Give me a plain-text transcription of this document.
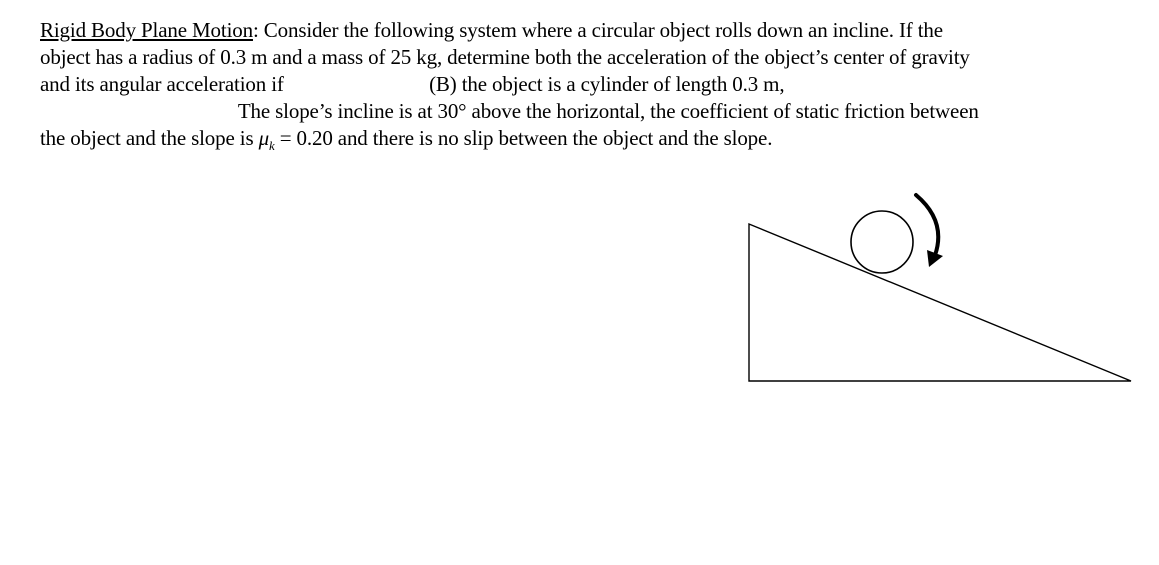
Rigid Body Plane Motion: Consider the following system where a circular object rolls down an incline. If the
object has a radius of 0.3 m and a mass of 25 kg, determine both the acceleration of the object’s center of gravity
and its angular acceleration if	(B) the object is a cylinder of length 0.3 m,
The slope’s incline is at 30° above the horizontal, the coefficient of static friction between
the object and the slope is $\mu_k = 0.20$ and there is no slip between the object and the slope.
